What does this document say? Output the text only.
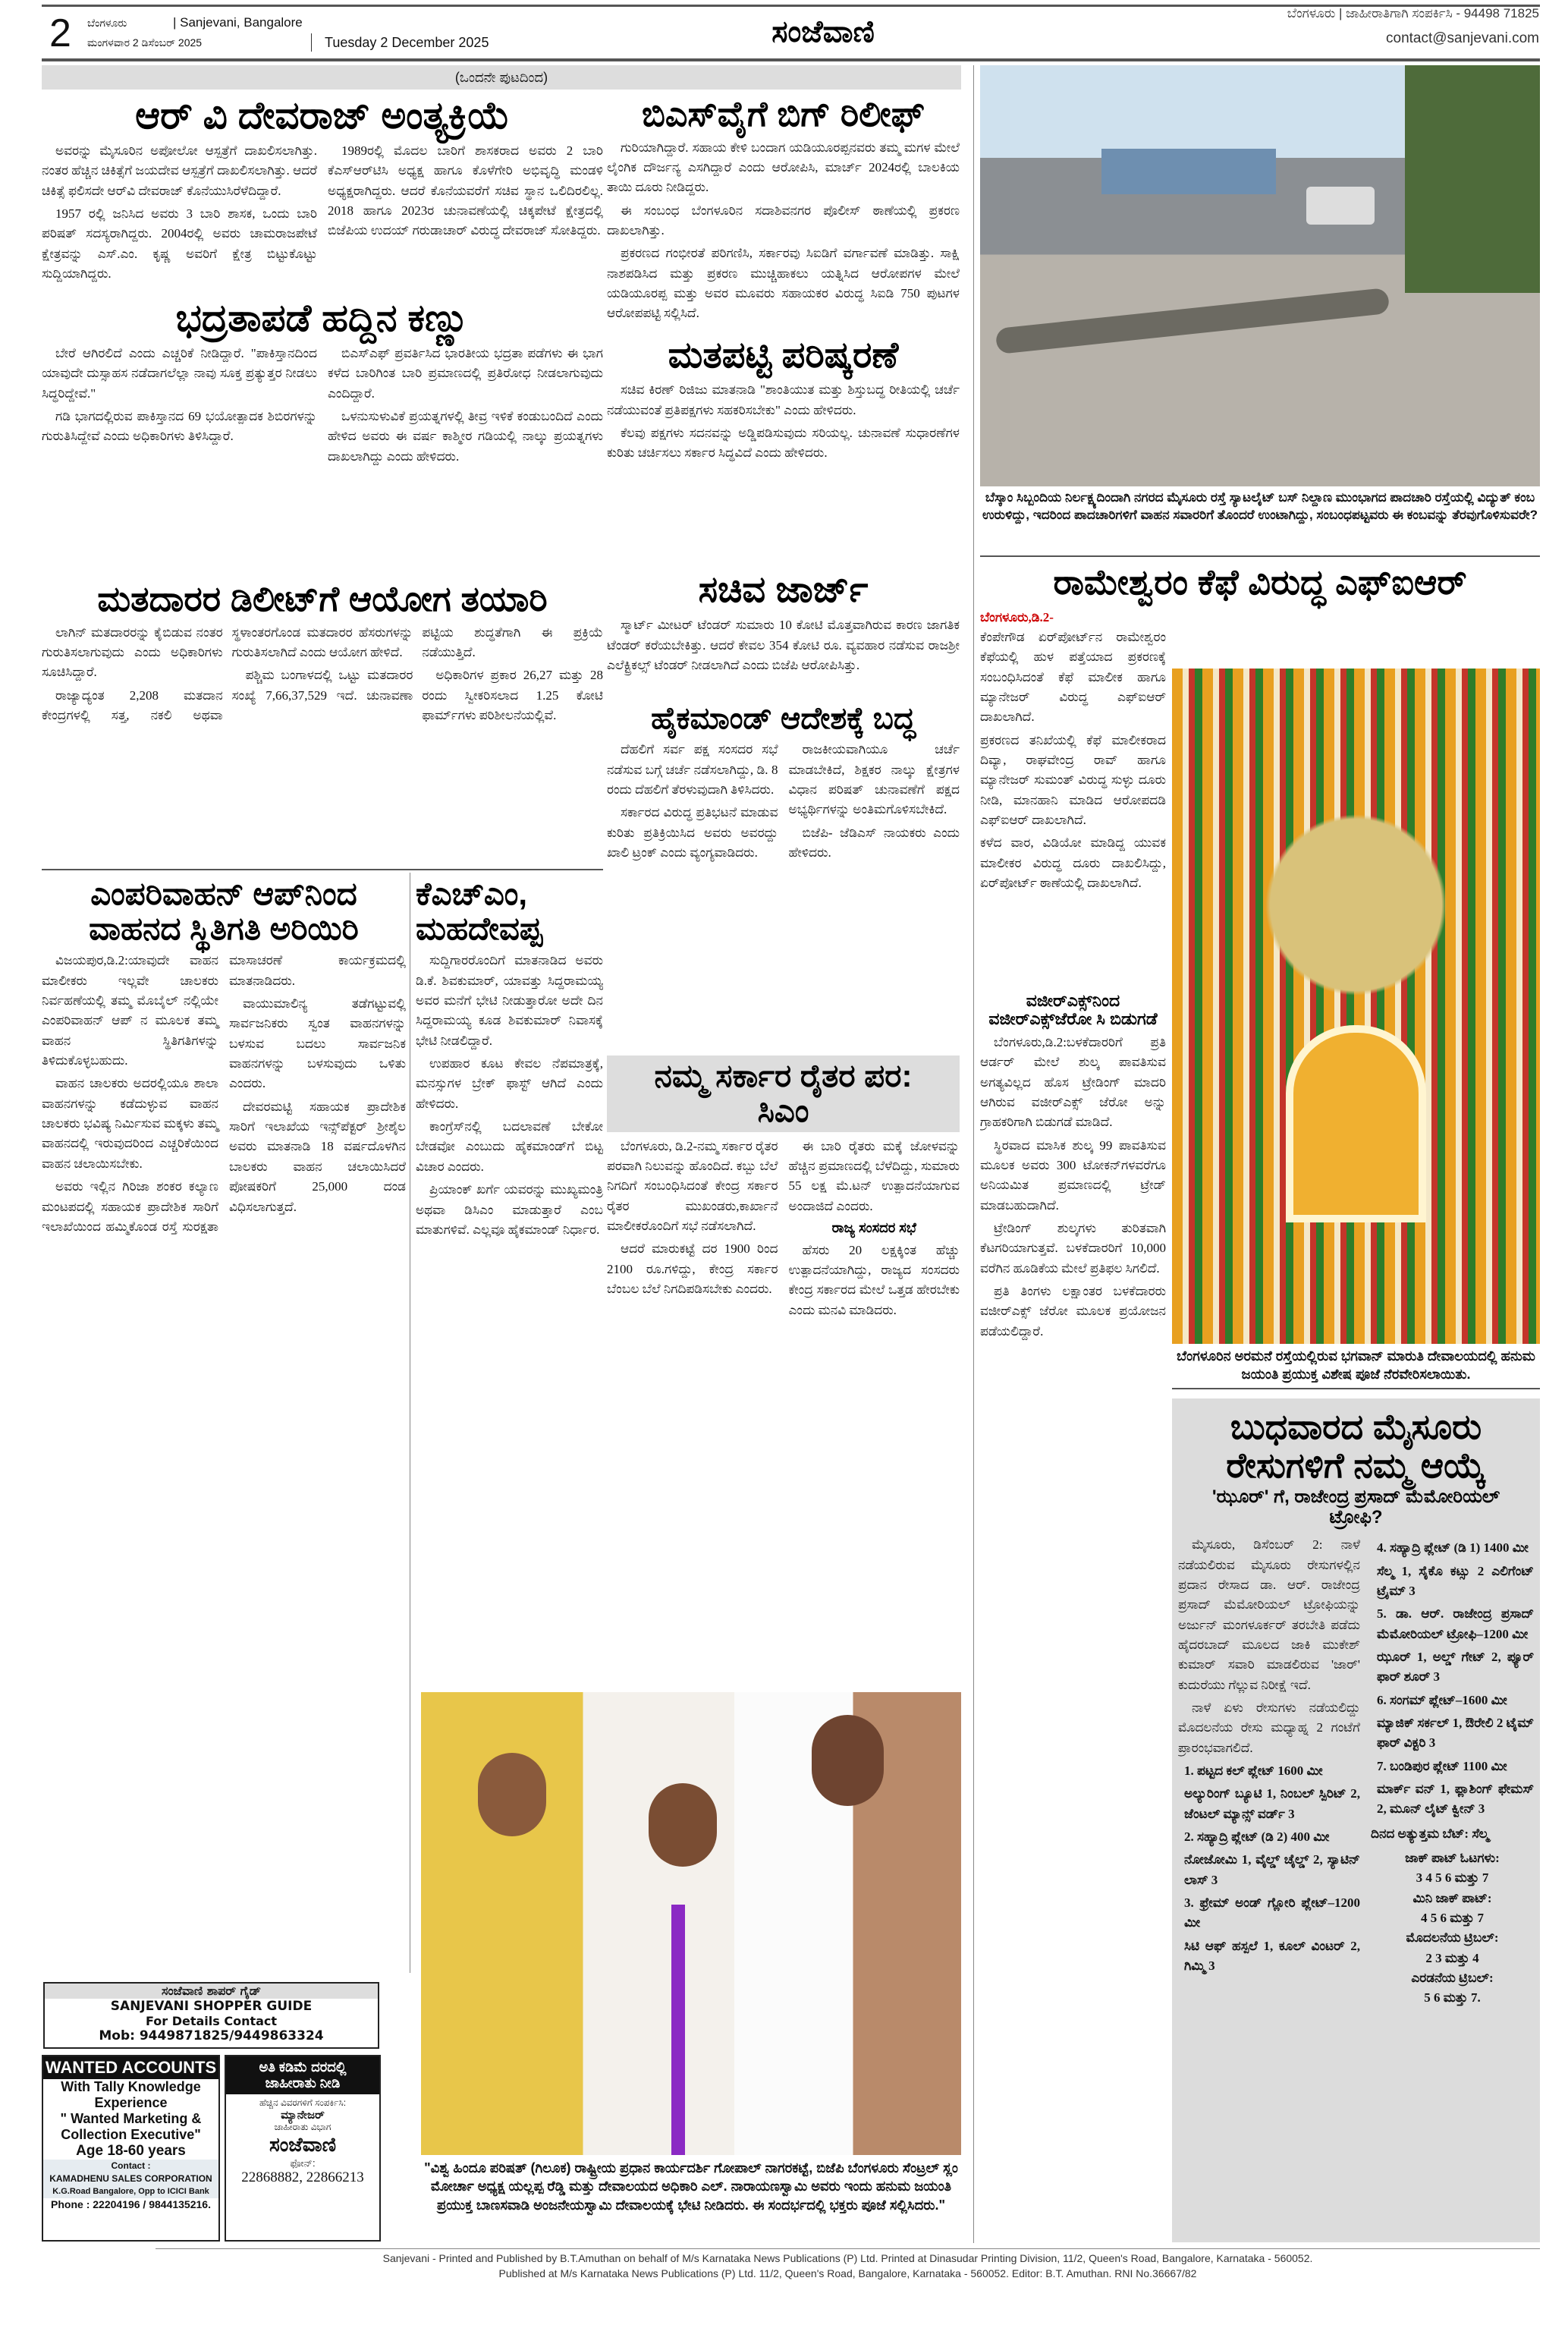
2 ಬೆಂಗಳೂರು	| Sanjevani, Bangalore
ಮಂಗಳವಾರ 2 ಡಿಸೆಂಬರ್ 2025	Tuesday 2 December 2025	ಸಂಜೆವಾಣಿ
ಬೆಂಗಳೂರು | ಜಾಹೀರಾತಿಗಾಗಿ ಸಂಪರ್ಕಿಸಿ - 94498 71825
contact@sanjevani.com
(ಒಂದನೇ ಪುಟದಿಂದ)
ಆರ್ ವಿ ದೇವರಾಜ್ ಅಂತ್ಯಕ್ರಿಯೆ

ಅವರನ್ನು ಮೈಸೂರಿನ ಅಪೋಲೋ ಆಸ್ಪತ್ರೆಗೆ ದಾಖಲಿಸಲಾಗಿತ್ತು. ನಂತರ ಹೆಚ್ಚಿನ ಚಿಕಿತ್ಸೆಗೆ ಜಯದೇವ ಆಸ್ಪತ್ರೆಗೆ ದಾಖಲಿಸಲಾಗಿತ್ತು. ಆದರೆ ಚಿಕಿತ್ಸೆ ಫಲಿಸದೇ ಆರ್‌ವಿ ದೇವರಾಜ್ ಕೊನೆಯುಸಿರೆಳೆದಿದ್ದಾರೆ.

1957 ರಲ್ಲಿ ಜನಿಸಿದ ಅವರು 3 ಬಾರಿ ಶಾಸಕ, ಒಂದು ಬಾರಿ ಪರಿಷತ್ ಸದಸ್ಯರಾಗಿದ್ದರು. 2004ರಲ್ಲಿ ಅವರು ಚಾಮರಾಜಪೇಟೆ ಕ್ಷೇತ್ರವನ್ನು ಎಸ್.ಎಂ. ಕೃಷ್ಣ ಅವರಿಗೆ ಕ್ಷೇತ್ರ ಬಿಟ್ಟುಕೊಟ್ಟು ಸುದ್ದಿಯಾಗಿದ್ದರು.

1989ರಲ್ಲಿ ಮೊದಲ ಬಾರಿಗೆ ಶಾಸಕರಾದ ಅವರು 2 ಬಾರಿ ಕೆಎಸ್‌ಆರ್‌ಟಿಸಿ ಅಧ್ಯಕ್ಷ ಹಾಗೂ ಕೊಳೆಗೇರಿ ಅಭಿವೃದ್ಧಿ ಮಂಡಳಿ ಅಧ್ಯಕ್ಷರಾಗಿದ್ದರು. ಆದರೆ ಕೊನೆಯವರೆಗೆ ಸಚಿವ ಸ್ಥಾನ ಒಲಿದಿರಲಿಲ್ಲ. 2018 ಹಾಗೂ 2023ರ ಚುನಾವಣೆಯಲ್ಲಿ ಚಿಕ್ಕಪೇಟೆ ಕ್ಷೇತ್ರದಲ್ಲಿ ಬಿಜೆಪಿಯ ಉದಯ್ ಗರುಡಾಚಾರ್ ವಿರುದ್ಧ ದೇವರಾಜ್ ಸೋತಿದ್ದರು.

ಭದ್ರತಾಪಡೆ ಹದ್ದಿನ ಕಣ್ಣು

ಬೇರೆ ಆಗಿರಲಿದೆ ಎಂದು ಎಚ್ಚರಿಕೆ ನೀಡಿದ್ದಾರೆ. "ಪಾಕಿಸ್ತಾನದಿಂದ ಯಾವುದೇ ದುಸ್ಸಾಹಸ ನಡೆದಾಗಲೆಲ್ಲಾ ನಾವು ಸೂಕ್ತ ಪ್ರತ್ಯುತ್ತರ ನೀಡಲು ಸಿದ್ಧರಿದ್ದೇವೆ."

ಗಡಿ ಭಾಗದಲ್ಲಿರುವ ಪಾಕಿಸ್ತಾನದ 69 ಭಯೋತ್ಪಾದಕ ಶಿಬಿರಗಳನ್ನು ಗುರುತಿಸಿದ್ದೇವೆ ಎಂದು ಅಧಿಕಾರಿಗಳು ತಿಳಿಸಿದ್ದಾರೆ.

ಬಿಎಸ್‌ಎಫ್ ಪ್ರವರ್ತಿಸಿದ ಭಾರತೀಯ ಭದ್ರತಾ ಪಡೆಗಳು ಈ ಭಾಗ ಕಳೆದ ಬಾರಿಗಿಂತ ಬಾರಿ ಪ್ರಮಾಣದಲ್ಲಿ ಪ್ರತಿರೋಧ ನೀಡಲಾಗುವುದು ಎಂದಿದ್ದಾರೆ.

ಒಳನುಸುಳುವಿಕೆ ಪ್ರಯತ್ನಗಳಲ್ಲಿ ತೀವ್ರ ಇಳಿಕೆ ಕಂಡುಬಂದಿದೆ ಎಂದು ಹೇಳಿದ ಅವರು ಈ ವರ್ಷ ಕಾಶ್ಮೀರ ಗಡಿಯಲ್ಲಿ ನಾಲ್ಕು ಪ್ರಯತ್ನಗಳು ದಾಖಲಾಗಿದ್ದು ಎಂದು ಹೇಳಿದರು.

ಮತದಾರರ ಡಿಲೀಟ್‌ಗೆ ಆಯೋಗ ತಯಾರಿ

ಲಾಗಿನ್ ಮತದಾರರನ್ನು ಕೈಬಿಡುವ ನಂತರ ಗುರುತಿಸಲಾಗುವುದು ಎಂದು ಅಧಿಕಾರಿಗಳು ಸೂಚಿಸಿದ್ದಾರೆ.

ರಾಜ್ಯಾದ್ಯಂತ 2,208 ಮತದಾನ ಕೇಂದ್ರಗಳಲ್ಲಿ ಸತ್ತ, ನಕಲಿ ಅಥವಾ ಸ್ಥಳಾಂತರಗೊಂಡ ಮತದಾರರ ಹೆಸರುಗಳನ್ನು ಗುರುತಿಸಲಾಗಿದೆ ಎಂದು ಆಯೋಗ ಹೇಳಿದೆ.

ಪಶ್ಚಿಮ ಬಂಗಾಳದಲ್ಲಿ ಒಟ್ಟು ಮತದಾರರ ಸಂಖ್ಯೆ 7,66,37,529 ಇದೆ. ಚುನಾವಣಾ ಪಟ್ಟಿಯ ಶುದ್ಧತೆಗಾಗಿ ಈ ಪ್ರಕ್ರಿಯೆ ನಡೆಯುತ್ತಿದೆ.

ಅಧಿಕಾರಿಗಳ ಪ್ರಕಾರ 26,27 ಮತ್ತು 28 ರಂದು ಸ್ವೀಕರಿಸಲಾದ 1.25 ಕೋಟಿ ಫಾರ್ಮ್‌ಗಳು ಪರಿಶೀಲನೆಯಲ್ಲಿವೆ.

ಎಂಪರಿವಾಹನ್ ಆಪ್‌ನಿಂದ ವಾಹನದ ಸ್ಥಿತಿಗತಿ ಅರಿಯಿರಿ

ವಿಜಯಪುರ,ಡಿ.2:ಯಾವುದೇ ವಾಹನ ಮಾಲೀಕರು ಇಲ್ಲವೇ ಚಾಲಕರು ನಿರ್ವಹಣೆಯಲ್ಲಿ ತಮ್ಮ ಮೊಬೈಲ್ ನಲ್ಲಿಯೇ ಎಂಪರಿವಾಹನ್ ಆಪ್ ನ ಮೂಲಕ ತಮ್ಮ ವಾಹನ ಸ್ಥಿತಿಗತಿಗಳನ್ನು ತಿಳಿದುಕೊಳ್ಳಬಹುದು.

ವಾಹನ ಚಾಲಕರು ಅದರಲ್ಲಿಯೂ ಶಾಲಾ ವಾಹನಗಳನ್ನು ಕಡೆದುಳ್ಳುವ ವಾಹನ ಚಾಲಕರು ಭವಿಷ್ಯ ನಿರ್ಮಿಸುವ ಮಕ್ಕಳು ತಮ್ಮ ವಾಹನದಲ್ಲಿ ಇರುವುದರಿಂದ ಎಚ್ಚರಿಕೆಯಿಂದ ವಾಹನ ಚಲಾಯಿಸಬೇಕು.

ಅವರು ಇಲ್ಲಿನ ಗಿರಿಜಾ ಶಂಕರ ಕಲ್ಯಾಣ ಮಂಟಪದಲ್ಲಿ ಸಹಾಯಕ ಪ್ರಾದೇಶಿಕ ಸಾರಿಗೆ ಇಲಾಖೆಯಿಂದ ಹಮ್ಮಿಕೊಂಡ ರಸ್ತೆ ಸುರಕ್ಷತಾ ಮಾಸಾಚರಣೆ ಕಾರ್ಯಕ್ರಮದಲ್ಲಿ ಮಾತನಾಡಿದರು.

ವಾಯುಮಾಲಿನ್ಯ ತಡೆಗಟ್ಟುವಲ್ಲಿ ಸಾರ್ವಜನಿಕರು ಸ್ವಂತ ವಾಹನಗಳನ್ನು ಬಳಸುವ ಬದಲು ಸಾರ್ವಜನಿಕ ವಾಹನಗಳನ್ನು ಬಳಸುವುದು ಒಳಿತು ಎಂದರು.

ದೇವರಮಟ್ಟಿ ಸಹಾಯಕ ಪ್ರಾದೇಶಿಕ ಸಾರಿಗೆ ಇಲಾಖೆಯ ಇನ್ಸ್‌ಪೆಕ್ಟರ್ ಶ್ರೀಶೈಲ ಅವರು ಮಾತನಾಡಿ 18 ವರ್ಷದೊಳಗಿನ ಬಾಲಕರು ವಾಹನ ಚಲಾಯಿಸಿದರೆ ಪೋಷಕರಿಗೆ 25,000 ದಂಡ ವಿಧಿಸಲಾಗುತ್ತದೆ.

ಕೆಎಚ್‌ಎಂ, ಮಹದೇವಪ್ಪ

ಸುದ್ದಿಗಾರರೊಂದಿಗೆ ಮಾತನಾಡಿದ ಅವರು ಡಿ.ಕೆ. ಶಿವಕುಮಾರ್, ಯಾವತ್ತು ಸಿದ್ದರಾಮಯ್ಯ ಅವರ ಮನೆಗೆ ಭೇಟಿ ನೀಡುತ್ತಾರೋ ಅದೇ ದಿನ ಸಿದ್ದರಾಮಯ್ಯ ಕೂಡ ಶಿವಕುಮಾರ್ ನಿವಾಸಕ್ಕೆ ಭೇಟಿ ನೀಡಲಿದ್ದಾರೆ.

ಉಪಹಾರ ಕೂಟ ಕೇವಲ ನೆಪಮಾತ್ರಕ್ಕೆ, ಮನಸ್ಸುಗಳ ಬ್ರೇಕ್ ಫಾಸ್ಟ್ ಆಗಿದೆ ಎಂದು ಹೇಳಿದರು.

ಕಾಂಗ್ರೆಸ್‌ನಲ್ಲಿ ಬದಲಾವಣೆ ಬೇಕೋ ಬೇಡವೋ ಎಂಬುದು ಹೈಕಮಾಂಡ್‌ಗೆ ಬಿಟ್ಟ ವಿಚಾರ ಎಂದರು.

ಪ್ರಿಯಾಂಕ್ ಖರ್ಗೆ ಯವರನ್ನು ಮುಖ್ಯಮಂತ್ರಿ ಅಥವಾ ಡಿಸಿಎಂ ಮಾಡುತ್ತಾರೆ ಎಂಬ ಮಾತುಗಳಿವೆ. ಎಲ್ಲವೂ ಹೈಕಮಾಂಡ್ ನಿರ್ಧಾರ.

ಬಿಎಸ್‌ವೈಗೆ ಬಿಗ್ ರಿಲೀಫ್

ಗುರಿಯಾಗಿದ್ದಾರೆ. ಸಹಾಯ ಕೇಳಿ ಬಂದಾಗ ಯಡಿಯೂರಪ್ಪನವರು ತಮ್ಮ ಮಗಳ ಮೇಲೆ ಲೈಂಗಿಕ ದೌರ್ಜನ್ಯ ಎಸಗಿದ್ದಾರೆ ಎಂದು ಆರೋಪಿಸಿ, ಮಾರ್ಚ್ 2024ರಲ್ಲಿ ಬಾಲಕಿಯ ತಾಯಿ ದೂರು ನೀಡಿದ್ದರು.

ಈ ಸಂಬಂಧ ಬೆಂಗಳೂರಿನ ಸದಾಶಿವನಗರ ಪೊಲೀಸ್ ಠಾಣೆಯಲ್ಲಿ ಪ್ರಕರಣ ದಾಖಲಾಗಿತ್ತು.

ಪ್ರಕರಣದ ಗಂಭೀರತೆ ಪರಿಗಣಿಸಿ, ಸರ್ಕಾರವು ಸಿಐಡಿಗೆ ವರ್ಗಾವಣೆ ಮಾಡಿತ್ತು. ಸಾಕ್ಷಿ ನಾಶಪಡಿಸಿದ ಮತ್ತು ಪ್ರಕರಣ ಮುಚ್ಚಿಹಾಕಲು ಯತ್ನಿಸಿದ ಆರೋಪಗಳ ಮೇಲೆ ಯಡಿಯೂರಪ್ಪ ಮತ್ತು ಅವರ ಮೂವರು ಸಹಾಯಕರ ವಿರುದ್ಧ ಸಿಐಡಿ 750 ಪುಟಗಳ ಆರೋಪಪಟ್ಟಿ ಸಲ್ಲಿಸಿದೆ.

ಮತಪಟ್ಟಿ ಪರಿಷ್ಕರಣೆ

ಸಚಿವ ಕಿರಣ್ ರಿಜಿಜು ಮಾತನಾಡಿ "ಶಾಂತಿಯುತ ಮತ್ತು ಶಿಸ್ತುಬದ್ಧ ರೀತಿಯಲ್ಲಿ ಚರ್ಚೆ ನಡೆಯುವಂತೆ ಪ್ರತಿಪಕ್ಷಗಳು ಸಹಕರಿಸಬೇಕು" ಎಂದು ಹೇಳಿದರು.

ಕೆಲವು ಪಕ್ಷಗಳು ಸದನವನ್ನು ಅಡ್ಡಿಪಡಿಸುವುದು ಸರಿಯಲ್ಲ. ಚುನಾವಣೆ ಸುಧಾರಣೆಗಳ ಕುರಿತು ಚರ್ಚಿಸಲು ಸರ್ಕಾರ ಸಿದ್ಧವಿದೆ ಎಂದು ಹೇಳಿದರು.

ಸಚಿವ ಜಾರ್ಜ್

ಸ್ಮಾರ್ಟ್ ಮೀಟರ್ ಟೆಂಡರ್ ಸುಮಾರು 10 ಕೋಟಿ ಮೊತ್ತವಾಗಿರುವ ಕಾರಣ ಜಾಗತಿಕ ಟೆಂಡರ್ ಕರೆಯಬೇಕಿತ್ತು. ಆದರೆ ಕೇವಲ 354 ಕೋಟಿ ರೂ. ವ್ಯವಹಾರ ನಡೆಸುವ ರಾಜಶ್ರೀ ಎಲೆಕ್ಟ್ರಿಕಲ್ಸ್ ಟೆಂಡರ್ ನೀಡಲಾಗಿದೆ ಎಂದು ಬಿಜೆಪಿ ಆರೋಪಿಸಿತ್ತು.

ಹೈಕಮಾಂಡ್ ಆದೇಶಕ್ಕೆ ಬದ್ಧ

ದೆಹಲಿಗೆ ಸರ್ವ ಪಕ್ಷ ಸಂಸದರ ಸಭೆ ನಡೆಸುವ ಬಗ್ಗೆ ಚರ್ಚೆ ನಡೆಸಲಾಗಿದ್ದು, ಡಿ. 8 ರಂದು ದೆಹಲಿಗೆ ತೆರಳುವುದಾಗಿ ತಿಳಿಸಿದರು.

ಸರ್ಕಾರದ ವಿರುದ್ಧ ಪ್ರತಿಭಟನೆ ಮಾಡುವ ಕುರಿತು ಪ್ರತಿಕ್ರಿಯಿಸಿದ ಅವರು ಅವರದ್ದು ಖಾಲಿ ಟ್ರಂಕ್ ಎಂದು ವ್ಯಂಗ್ಯವಾಡಿದರು.

ರಾಜಕೀಯವಾಗಿಯೂ ಚರ್ಚೆ ಮಾಡಬೇಕಿದೆ, ಶಿಕ್ಷಕರ ನಾಲ್ಕು ಕ್ಷೇತ್ರಗಳ ವಿಧಾನ ಪರಿಷತ್ ಚುನಾವಣೆಗೆ ಪಕ್ಷದ ಅಭ್ಯರ್ಥಿಗಳನ್ನು ಅಂತಿಮಗೊಳಿಸಬೇಕಿದೆ.

ಬಿಜೆಪಿ- ಜೆಡಿಎಸ್ ನಾಯಕರು ಎಂದು ಹೇಳಿದರು.

ನಮ್ಮ ಸರ್ಕಾರ ರೈತರ ಪರ: ಸಿಎಂ

ಬೆಂಗಳೂರು, ಡಿ.2-ನಮ್ಮ ಸರ್ಕಾರ ರೈತರ ಪರವಾಗಿ ನಿಲುವನ್ನು ಹೊಂದಿದೆ. ಕಬ್ಬು ಬೆಲೆ ನಿಗದಿಗೆ ಸಂಬಂಧಿಸಿದಂತೆ ಕೇಂದ್ರ ಸರ್ಕಾರ ರೈತರ ಮುಖಂಡರು,ಕಾರ್ಖಾನೆ ಮಾಲೀಕರೊಂದಿಗೆ ಸಭೆ ನಡೆಸಲಾಗಿದೆ.

ಆದರೆ ಮಾರುಕಟ್ಟೆ ದರ 1900 ರಿಂದ 2100 ರೂ.ಗಳಿದ್ದು, ಕೇಂದ್ರ ಸರ್ಕಾರ ಬೆಂಬಲ ಬೆಲೆ ನಿಗದಿಪಡಿಸಬೇಕು ಎಂದರು.

ಈ ಬಾರಿ ರೈತರು ಮಕ್ಕೆ ಜೋಳವನ್ನು ಹೆಚ್ಚಿನ ಪ್ರಮಾಣದಲ್ಲಿ ಬೆಳೆದಿದ್ದು, ಸುಮಾರು 55 ಲಕ್ಷ ಮೆ.ಟನ್ ಉತ್ಪಾದನೆಯಾಗುವ ಅಂದಾಜಿದೆ ಎಂದರು.

ರಾಜ್ಯ ಸಂಸದರ ಸಭೆ

ಹೆಸರು 20 ಲಕ್ಷಕ್ಕಿಂತ ಹೆಚ್ಚು ಉತ್ಪಾದನೆಯಾಗಿದ್ದು, ರಾಜ್ಯದ ಸಂಸದರು ಕೇಂದ್ರ ಸರ್ಕಾರದ ಮೇಲೆ ಒತ್ತಡ ಹೇರಬೇಕು ಎಂದು ಮನವಿ ಮಾಡಿದರು.

"ವಿಶ್ವ ಹಿಂದೂ ಪರಿಷತ್ (ಗಿಲೂಕ) ರಾಷ್ಟ್ರೀಯ ಪ್ರಧಾನ ಕಾರ್ಯದರ್ಶಿ ಗೋಪಾಲ್ ನಾಗರಕಟ್ಟೆ, ಬಿಜೆಪಿ ಬೆಂಗಳೂರು ಸೆಂಟ್ರಲ್ ಸ್ಲಂ ಮೋರ್ಚಾ ಅಧ್ಯಕ್ಷ ಯಲ್ಲಪ್ಪ ರೆಡ್ಡಿ ಮತ್ತು ದೇವಾಲಯದ ಅಧಿಕಾರಿ ಎಲ್. ನಾರಾಯಣಸ್ವಾಮಿ ಅವರು ಇಂದು ಹನುಮ ಜಯಂತಿ ಪ್ರಯುಕ್ತ ಬಾಣಸವಾಡಿ ಅಂಜನೇಯಸ್ವಾಮಿ ದೇವಾಲಯಕ್ಕೆ ಭೇಟಿ ನೀಡಿದರು. ಈ ಸಂದರ್ಭದಲ್ಲಿ ಭಕ್ತರು ಪೂಜೆ ಸಲ್ಲಿಸಿದರು."
ಸಂಜೆವಾಣಿ ಶಾಪರ್ ಗೈಡ್
SANJEVANI SHOPPER GUIDE
For Details Contact
Mob: 9449871825/9449863324
WANTED ACCOUNTS
With Tally Knowledge
Experience
" Wanted Marketing &
Collection Executive"
Age 18-60 years
Contact :
KAMADHENU SALES CORPORATION
K.G.Road Bangalore, Opp to ICICI Bank
Phone : 22204196 / 9844135216.
ಅತಿ ಕಡಿಮೆ ದರದಲ್ಲಿ
ಜಾಹೀರಾತು ನೀಡಿ
ಹೆಚ್ಚಿನ ವಿವರಗಳಿಗೆ ಸಂಪರ್ಕಿಸಿ:
ಮ್ಯಾನೇಜರ್
ಜಾಹೀರಾತು ವಿಭಾಗ
ಸಂಜೆವಾಣಿ
ಫೋನ್:
22868882, 22866213
ಬೆಸ್ಕಾಂ ಸಿಬ್ಬಂದಿಯ ನಿರ್ಲಕ್ಷ್ಯದಿಂದಾಗಿ ನಗರದ ಮೈಸೂರು ರಸ್ತೆ ಸ್ಯಾಟಲೈಟ್ ಬಸ್ ನಿಲ್ದಾಣ ಮುಂಭಾಗದ ಪಾದಚಾರಿ ರಸ್ತೆಯಲ್ಲಿ ವಿದ್ಯುತ್ ಕಂಬ ಉರುಳಿದ್ದು, ಇದರಿಂದ ಪಾದಚಾರಿಗಳಿಗೆ ವಾಹನ ಸವಾರರಿಗೆ ತೊಂದರೆ ಉಂಟಾಗಿದ್ದು, ಸಂಬಂಧಪಟ್ಟವರು ಈ ಕಂಬವನ್ನು ತೆರವುಗೊಳಿಸುವರೇ?
ರಾಮೇಶ್ವರಂ ಕೆಫೆ ವಿರುದ್ಧ ಎಫ್‌ಐಆರ್
ಬೆಂಗಳೂರು,ಡಿ.2-
ಕೆಂಪೇಗೌಡ ಏರ್‌ಪೋರ್ಟ್‌ನ ರಾಮೇಶ್ವರಂ ಕೆಫೆಯಲ್ಲಿ ಹುಳ ಪತ್ತೆಯಾದ ಪ್ರಕರಣಕ್ಕೆ ಸಂಬಂಧಿಸಿದಂತೆ ಕೆಫೆ ಮಾಲೀಕ ಹಾಗೂ ಮ್ಯಾನೇಜರ್ ವಿರುದ್ಧ ಎಫ್‌ಐಆರ್ ದಾಖಲಾಗಿದೆ.
ಪ್ರಕರಣದ ತನಿಖೆಯಲ್ಲಿ ಕೆಫೆ ಮಾಲೀಕರಾದ ದಿವ್ಯಾ, ರಾಘವೇಂದ್ರ ರಾವ್ ಹಾಗೂ ಮ್ಯಾನೇಜರ್ ಸುಮಂತ್ ವಿರುದ್ಧ ಸುಳ್ಳು ದೂರು ನೀಡಿ, ಮಾನಹಾನಿ ಮಾಡಿದ ಆರೋಪದಡಿ ಎಫ್‌ಐಆರ್ ದಾಖಲಾಗಿದೆ.
ಕಳೆದ ವಾರ, ವಿಡಿಯೋ ಮಾಡಿದ್ದ ಯುವಕ ಮಾಲೀಕರ ವಿರುದ್ಧ ದೂರು ದಾಖಲಿಸಿದ್ದು, ಏರ್‌ಪೋರ್ಟ್ ಠಾಣೆಯಲ್ಲಿ ದಾಖಲಾಗಿದೆ.
ವಜೀರ್‌ಎಕ್ಸ್‌ನಿಂದ ವಜೀರ್‌ಎಕ್ಸ್‌ಜೆರೋ ಸಿ ಬಿಡುಗಡೆ

ಬೆಂಗಳೂರು,ಡಿ.2:ಬಳಕೆದಾರರಿಗೆ ಪ್ರತಿ ಆರ್ಡರ್ ಮೇಲೆ ಶುಲ್ಕ ಪಾವತಿಸುವ ಅಗತ್ಯವಿಲ್ಲದ ಹೊಸ ಟ್ರೇಡಿಂಗ್ ಮಾದರಿ ಆಗಿರುವ ವಜೀರ್‌ಎಕ್ಸ್ ಜೆರೋ ಅನ್ನು ಗ್ರಾಹಕರಿಗಾಗಿ ಬಿಡುಗಡೆ ಮಾಡಿದೆ.

ಸ್ಥಿರವಾದ ಮಾಸಿಕ ಶುಲ್ಕ 99 ಪಾವತಿಸುವ ಮೂಲಕ ಅವರು 300 ಟೋಕನ್‌ಗಳವರೆಗೂ ಅನಿಯಮಿತ ಪ್ರಮಾಣದಲ್ಲಿ ಟ್ರೇಡ್ ಮಾಡಬಹುದಾಗಿದೆ.

ಟ್ರೇಡಿಂಗ್ ಶುಲ್ಕಗಳು ತುರಿತವಾಗಿ ಕೆಟಗರಿಯಾಗುತ್ತವೆ. ಬಳಕೆದಾರರಿಗೆ 10,000 ವರೆಗಿನ ಹೂಡಿಕೆಯ ಮೇಲೆ ಪ್ರತಿಫಲ ಸಿಗಲಿದೆ.

ಪ್ರತಿ ತಿಂಗಳು ಲಕ್ಷಾಂತರ ಬಳಕೆದಾರರು ವಜೀರ್‌ಎಕ್ಸ್ ಜೆರೋ ಮೂಲಕ ಪ್ರಯೋಜನ ಪಡೆಯಲಿದ್ದಾರೆ.

ಬೆಂಗಳೂರಿನ ಅರಮನೆ ರಸ್ತೆಯಲ್ಲಿರುವ ಭಗವಾನ್ ಮಾರುತಿ ದೇವಾಲಯದಲ್ಲಿ ಹನುಮ ಜಯಂತಿ ಪ್ರಯುಕ್ತ ವಿಶೇಷ ಪೂಜೆ ನೆರವೇರಿಸಲಾಯಿತು.
ಬುಧವಾರದ ಮೈಸೂರು ರೇಸುಗಳಿಗೆ ನಮ್ಮ ಆಯ್ಕೆ
'ಝೂರ್' ಗೆ, ರಾಜೇಂದ್ರ ಪ್ರಸಾದ್ ಮೆಮೋರಿಯಲ್ ಟ್ರೋಫಿ?

ಮೈಸೂರು, ಡಿಸೆಂಬರ್ 2: ನಾಳೆ ನಡೆಯಲಿರುವ ಮೈಸೂರು ರೇಸುಗಳಲ್ಲಿನ ಪ್ರದಾನ ರೇಸಾದ ಡಾ. ಆರ್. ರಾಜೇಂದ್ರ ಪ್ರಸಾದ್ ಮೆಮೋರಿಯಲ್ ಟ್ರೋಫಿಯನ್ನು ಅರ್ಜುನ್ ಮಂಗಳೂರ್ಕರ್ ತರಬೇತಿ ಪಡೆದು ಹೈದರಬಾದ್ ಮೂಲದ ಜಾಕಿ ಮುಕೇಶ್ ಕುಮಾರ್ ಸವಾರಿ ಮಾಡಲಿರುವ 'ಜಾರ್' ಕುದುರೆಯು ಗೆಲ್ಲುವ ನಿರೀಕ್ಷೆ ಇದೆ.

ನಾಳೆ ಏಳು ರೇಸುಗಳು ನಡೆಯಲಿದ್ದು ಮೊದಲನೆಯ ರೇಸು ಮಧ್ಯಾಹ್ನ 2 ಗಂಟೆಗೆ ಪ್ರಾರಂಭವಾಗಲಿದೆ.

1. ಪಟ್ಟದ ಕಲ್ ಪ್ಲೇಟ್ 1600 ಮೀ
ಅಲ್ಯುರಿಂಗ್ ಬ್ಯೂಟಿ 1, ನಿಂಬಲ್ ಸ್ಪಿರಿಟ್ 2, ಜೆಂಟಲ್ ಮ್ಯಾನ್ಸ್ ವರ್ಡ್ 3
2. ಸಹ್ಯಾದ್ರಿ ಪ್ಲೇಟ್ (ಡಿ 2) 400 ಮೀ
ನೋಜೋಮಿ 1, ವೈಲ್ಡ್ ಚೈಲ್ಡ್ 2, ಸ್ಯಾಟಿನ್ ಲಾಸ್ 3
3. ಫ್ರೇಮ್ ಅಂಡ್ ಗ್ಲೋರಿ ಪ್ಲೇಟ್–1200 ಮೀ
ಸಿಟಿ ಆಫ್ ಹಸ್ಪಲೆ 1, ಕೂಲ್ ವಿಂಟರ್ 2, ಗಿಮ್ಮಿ 3
4. ಸಹ್ಯಾದ್ರಿ ಪ್ಲೇಟ್ (ಡಿ 1) 1400 ಮೀ
ಸೆಲ್ಮ 1, ಸೈಕೊ ಕಟ್ಸು 2 ಎಲಿಗೆಂಟ್ ಟ್ರೈಮ್ 3
5. ಡಾ. ಆರ್. ರಾಜೇಂದ್ರ ಪ್ರಸಾದ್ ಮೆಮೋರಿಯಲ್ ಟ್ರೋಫಿ–1200 ಮೀ
ಝೂರ್ 1, ಅಲ್ಡ್ ಗೇಟ್ 2, ಪ್ಯೂರ್ ಫಾರ್ ಶೂರ್ 3
6. ಸಂಗಮ್ ಪ್ಲೇಟ್–1600 ಮೀ
ಮ್ಯಾಜಿಕ್ ಸರ್ಕಲ್ 1, ಔರೇಲಿ 2 ಟೈಮ್ ಫಾರ್ ವಿಕ್ಟರಿ 3
7. ಬಂಡಿಪುರ ಪ್ಲೇಟ್ 1100 ಮೀ
ಮಾರ್ಕ್ ವನ್ 1, ಫ್ಲಾಶಿಂಗ್ ಫೇಮಸ್ 2, ಮೂನ್ ಲೈಟ್ ಕ್ವೀನ್ 3
ದಿನದ ಅತ್ಯುತ್ತಮ ಬೆಟ್: ಸೆಲ್ಮ
ಜಾಕ್ ಪಾಟ್ ಓಟಗಳು:
3 4 5 6 ಮತ್ತು 7
ಮಿನಿ ಜಾಕ್ ಪಾಟ್:
4 5 6 ಮತ್ತು 7
ಮೊದಲನೆಯ ಟ್ರಿಬಲ್:
2 3 ಮತ್ತು 4
ಎರಡನೆಯ ಟ್ರಿಬಲ್:
5 6 ಮತ್ತು 7.
Sanjevani - Printed and Published by B.T.Amuthan on behalf of M/s Karnataka News Publications (P) Ltd. Printed at Dinasudar Printing Division, 11/2, Queen's Road, Bangalore, Karnataka - 560052.
Published at M/s Karnataka News Publications (P) Ltd. 11/2, Queen's Road, Bangalore, Karnataka - 560052. Editor: B.T. Amuthan. RNI No.36667/82
